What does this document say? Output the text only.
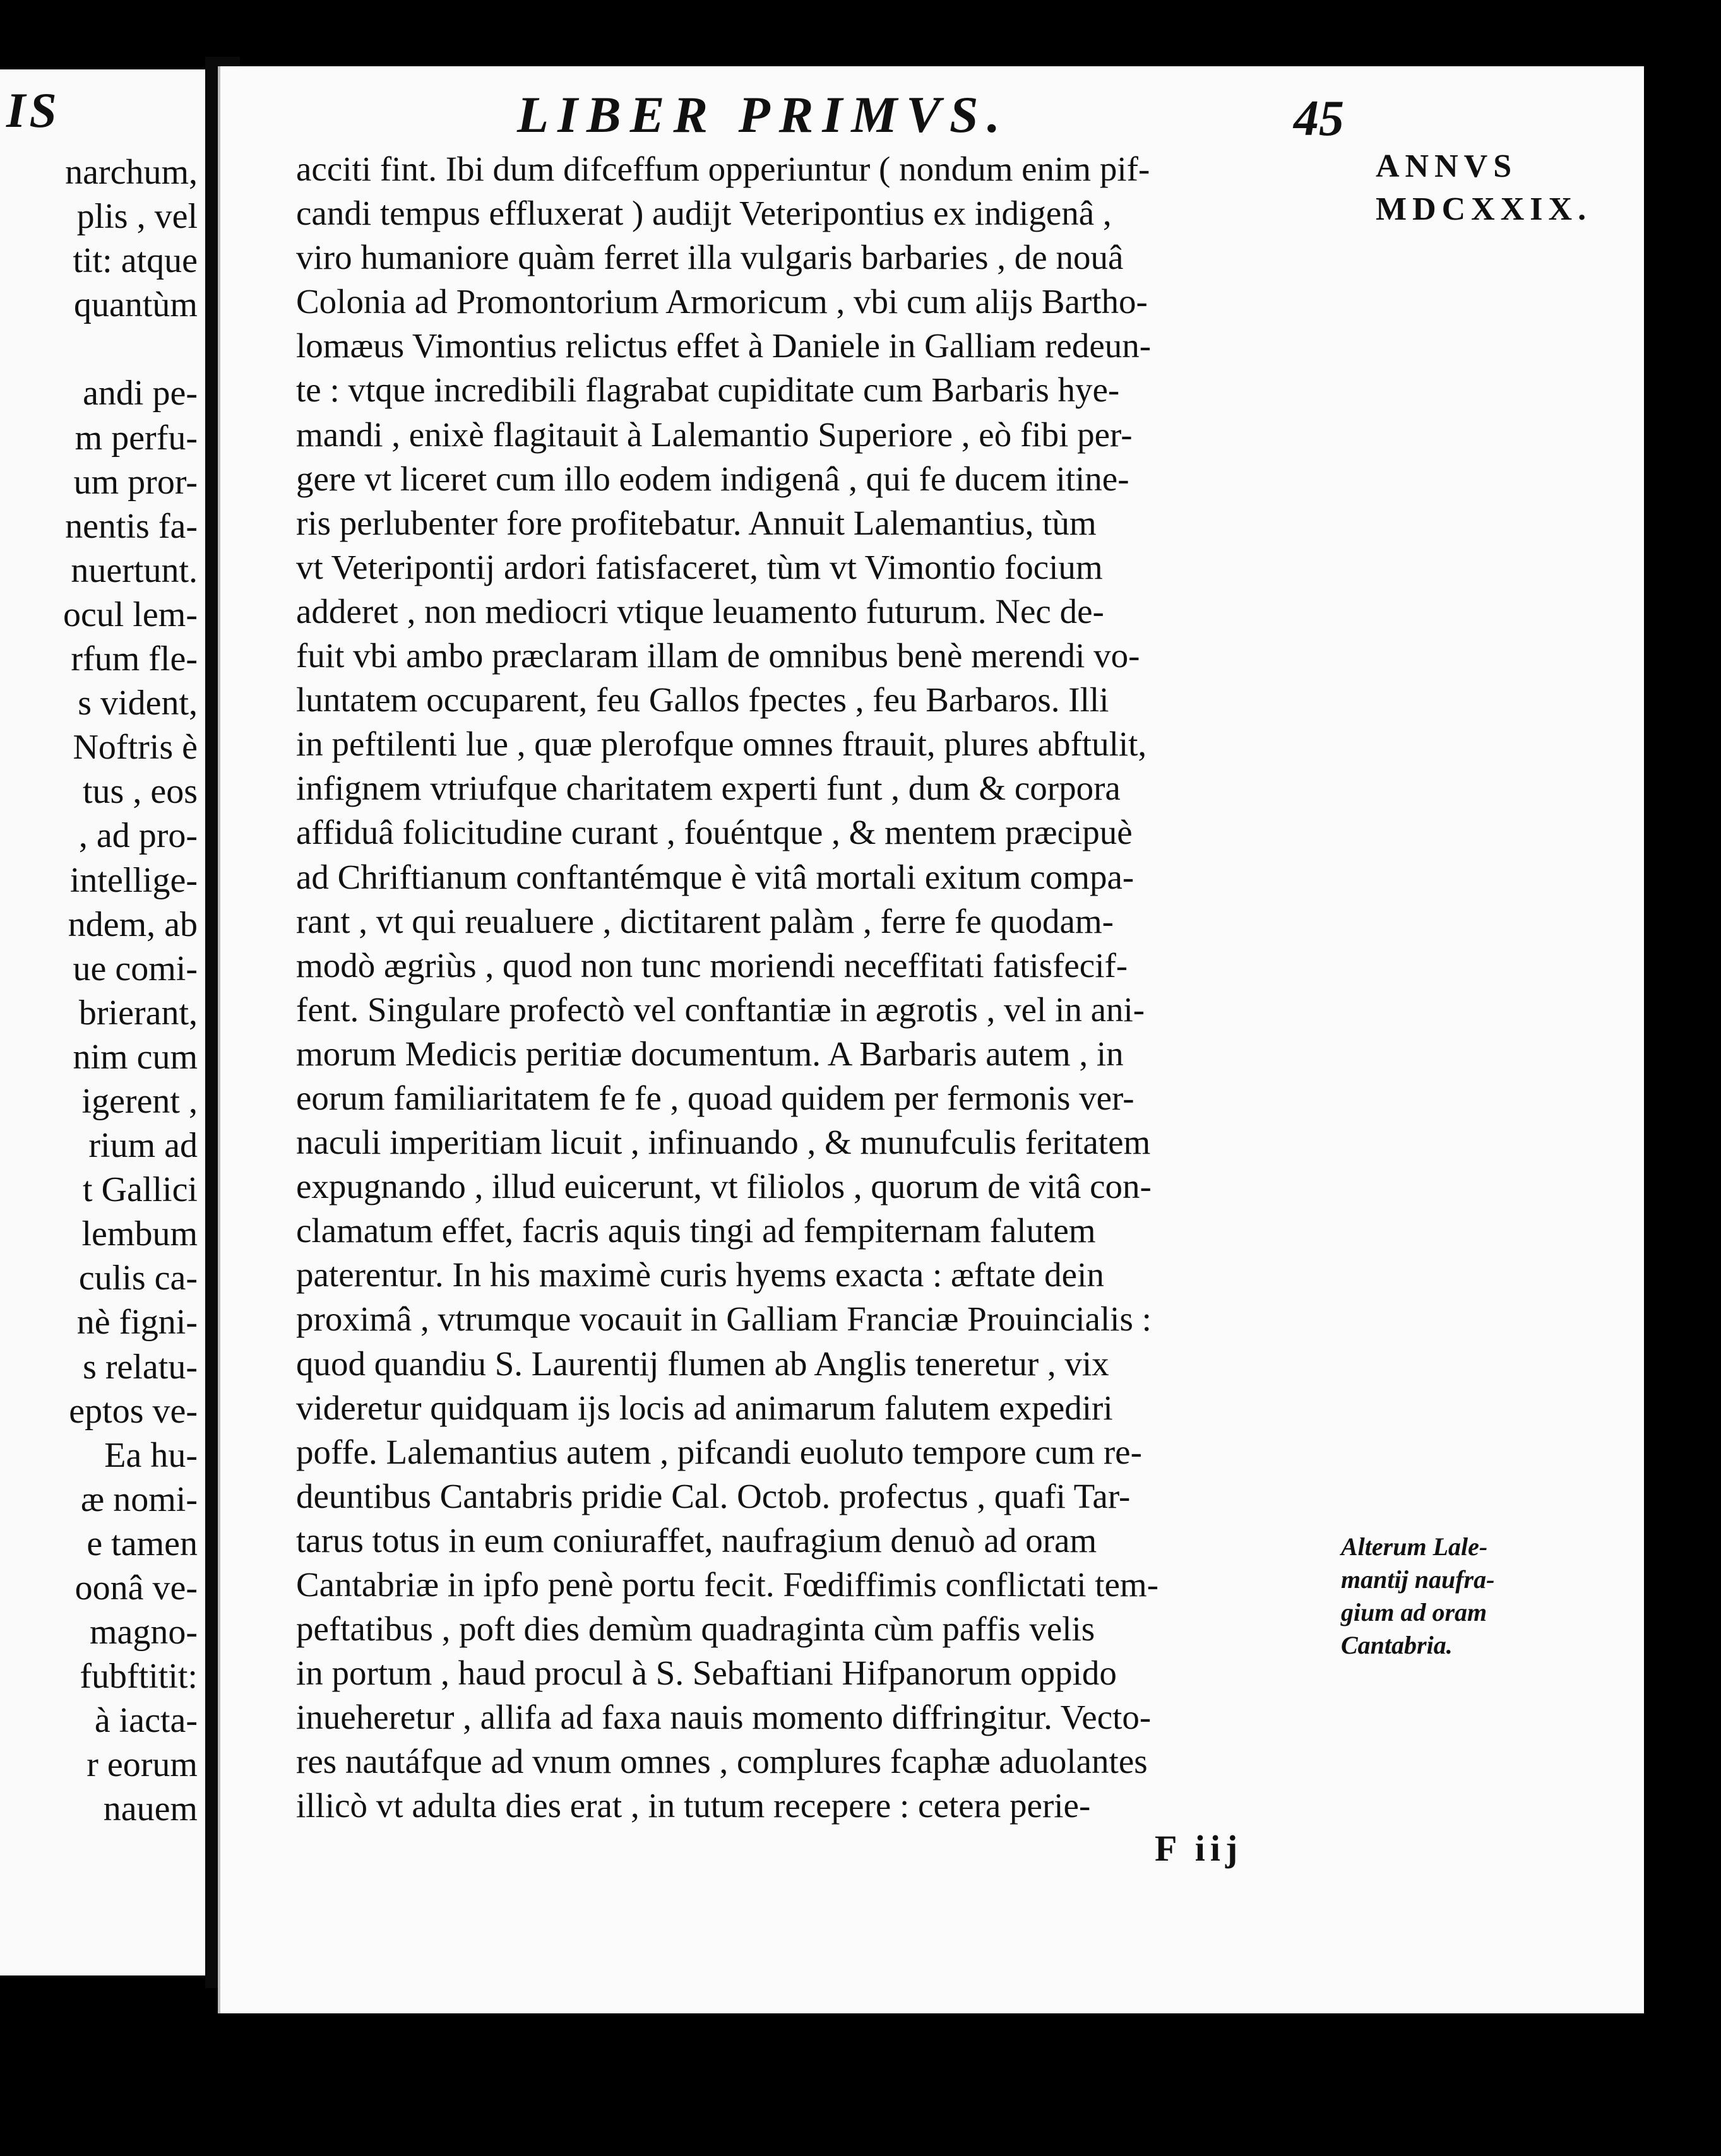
IS
narchum,
plis , vel
tit: atque
quantùm

andi pe-
m perfu-
um pror-
nentis fa-
nuertunt.
ocul lem-
rfum fle-
s vident,
Noftris è
tus , eos
, ad pro-
intellige-
ndem, ab
ue comi-
brierant,
nim cum
igerent ,
rium ad
t Gallici
lembum
culis ca-
nè figni-
s relatu-
eptos ve-
Ea hu-
æ nomi-
e tamen
oonâ ve-
magno-
fubftitit:
à iacta-
r eorum
nauem
LIBER PRIMVS.	45
ANNVS
MDCXXIX.
acciti fint. Ibi dum difceffum opperiuntur ( nondum enim pif-
candi tempus effluxerat ) audijt Veteripontius ex indigenâ ,
viro humaniore quàm ferret illa vulgaris barbaries , de nouâ
Colonia ad Promontorium Armoricum , vbi cum alijs Bartho-
lomæus Vimontius relictus effet à Daniele in Galliam redeun-
te : vtque incredibili flagrabat cupiditate cum Barbaris hye-
mandi , enixè flagitauit à Lalemantio Superiore , eò fibi per-
gere vt liceret cum illo eodem indigenâ , qui fe ducem itine-
ris perlubenter fore profitebatur. Annuit Lalemantius, tùm
vt Veteripontij ardori fatisfaceret, tùm vt Vimontio focium
adderet , non mediocri vtique leuamento futurum. Nec de-
fuit vbi ambo præclaram illam de omnibus benè merendi vo-
luntatem occuparent, feu Gallos fpectes , feu Barbaros. Illi
in peftilenti lue , quæ plerofque omnes ftrauit, plures abftulit,
infignem vtriufque charitatem experti funt , dum & corpora
affiduâ folicitudine curant , fouéntque , & mentem præcipuè
ad Chriftianum conftantémque è vitâ mortali exitum compa-
rant , vt qui reualuere , dictitarent palàm , ferre fe quodam-
modò ægriùs , quod non tunc moriendi neceffitati fatisfecif-
fent. Singulare profectò vel conftantiæ in ægrotis , vel in ani-
morum Medicis peritiæ documentum. A Barbaris autem , in
eorum familiaritatem fe fe , quoad quidem per fermonis ver-
naculi imperitiam licuit , infinuando , & munufculis feritatem
expugnando , illud euicerunt, vt filiolos , quorum de vitâ con-
clamatum effet, facris aquis tingi ad fempiternam falutem
paterentur. In his maximè curis hyems exacta : æftate dein
proximâ , vtrumque vocauit in Galliam Franciæ Prouincialis :
quod quandiu S. Laurentij flumen ab Anglis teneretur , vix
videretur quidquam ijs locis ad animarum falutem expediri
poffe. Lalemantius autem , pifcandi euoluto tempore cum re-
deuntibus Cantabris pridie Cal. Octob. profectus , quafi Tar-
tarus totus in eum coniuraffet, naufragium denuò ad oram
Cantabriæ in ipfo penè portu fecit. Fœdiffimis conflictati tem-
peftatibus , poft dies demùm quadraginta cùm paffis velis
in portum , haud procul à S. Sebaftiani Hifpanorum oppido
inueheretur , allifa ad faxa nauis momento diffringitur. Vecto-
res nautáfque ad vnum omnes , complures fcaphæ aduolantes
illicò vt adulta dies erat , in tutum recepere : cetera perie-
Alterum Lale-
mantij naufra-
gium ad oram
Cantabria.
F iij
